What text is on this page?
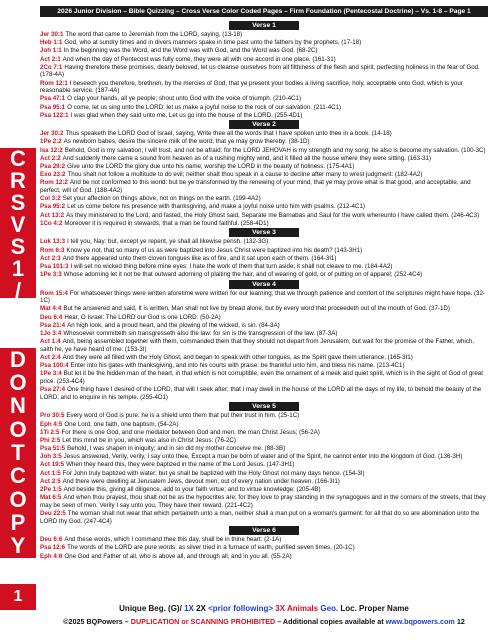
2026 Junior Division – Bible Quizzing – Cross Verse Color Coded Pages – Firm Foundation (Pentecostal Doctrine) – Vs. 1-8 – Page 1
C
R
S
V
S
1
/
8
D
O
N
O
T
C
O
P
Y
1
Verse 1
Jer 30:1 The word that came to Jeremiah from the LORD, saying, (13-18)
Heb 1:1 God, who at sundry times and in divers manners spake in time past unto the fathers by the prophets, (17-18)
Joh 1:1 In the beginning was the Word, and the Word was with God, and the Word was God. (68-2C)
Act 2:1 And when the day of Pentecost was fully come, they were all with one accord in one place. (161-31)
2Co 7:1 Having therefore these promises, dearly beloved, let us cleanse ourselves from all filthiness of the flesh and spirit, perfecting holiness in the fear of God. (178-4A)
Rom 12:1 I beseech you therefore, brethren, by the mercies of God, that ye present your bodies a living sacrifice, holy, acceptable unto God, which is your reasonable service. (187-4A)
Psa 47:1 O clap your hands, all ye people; shout unto God with the voice of triumph. (210-4C1)
Psa 95:1 O come, let us sing unto the LORD: let us make a joyful noise to the rock of our salvation. (211-4C1)
Psa 122:1 I was glad when they said unto me, Let us go into the house of the LORD. (255-4D1)
Verse 2
Jer 30:2 Thus speaketh the LORD God of Israel, saying, Write thee all the words that I have spoken unto thee in a book. (14-18)
1Pe 2:2 As newborn babes, desire the sincere milk of the word, that ye may grow thereby: (38-1D)
Isa 12:2 Behold, God is my salvation; I will trust, and not be afraid: for the LORD JEHOVAH is my strength and my song; he also is become my salvation. (100-3C)
Act 2:2 And suddenly there came a sound from heaven as of a rushing mighty wind, and it filled all the house where they were sitting. (163-31)
Psa 29:2 Give unto the LORD the glory due unto his name; worship the LORD in the beauty of holiness. (175-4A1)
Exo 23:2 Thou shalt not follow a multitude to do evil; neither shalt thou speak in a cause to decline after many to wrest judgment: (182-4A2)
Rom 12:2 And be not conformed to this world: but be ye transformed by the renewing of your mind, that ye may prove what is that good, and acceptable, and perfect, will of God. (188-4A2)
Col 3:2 Set your affection on things above, not on things on the earth. (199-4A2)
Psa 95:2 Let us come before his presence with thanksgiving, and make a joyful noise unto him with psalms. (212-4C1)
Act 13:2 As they ministered to the Lord, and fasted, the Holy Ghost said, Separate me Barnabas and Saul for the work whereunto I have called them. (246-4C3)
1Co 4:2 Moreover it is required in stewards, that a man be found faithful. (258-4D1)
Verse 3
Luk 13:3 I tell you, Nay: but, except ye repent, ye shall all likewise perish. (132-3G)
Rom 6:3 Know ye not, that so many of us as were baptized into Jesus Christ were baptized into his death? (143-3H1)
Act 2:3 And there appeared unto them cloven tongues like as of fire, and it sat upon each of them. (164-3I1)
Psa 101:3 I will set no wicked thing before mine eyes: I hate the work of them that turn aside; it shall not cleave to me. (184-4A2)
1Pe 3:3 Whose adorning let it not be that outward adorning of plaiting the hair, and of wearing of gold, or of putting on of apparel; (252-4C4)
Verse 4
Rom 15:4 For whatsoever things were written aforetime were written for our learning, that we through patience and comfort of the scriptures might have hope. (32-1C)
Mat 4:4 But he answered and said, It is written, Man shall not live by bread alone, but by every word that proceedeth out of the mouth of God. (37-1D)
Deu 6:4 Hear, O Israel: The LORD our God is one LORD: (50-2A)
Psa 21:4 An high look, and a proud heart, and the plowing of the wicked, is sin. (84-3A)
1Jo 3:4 Whosoever committeth sin transgresseth also the law: for sin is the transgression of the law. (87-3A)
Act 1:4 And, being assembled together with them, commanded them that they should not depart from Jerusalem, but wait for the promise of the Father, which, saith he, ye have heard of me. (153-3I)
Act 2:4 And they were all filled with the Holy Ghost, and began to speak with other tongues, as the Spirit gave them utterance. (165-3I1)
Psa 100:4 Enter into his gates with thanksgiving, and into his courts with praise: be thankful unto him, and bless his name. (213-4C1)
1Pe 3:4 But let it be the hidden man of the heart, in that which is not corruptible, even the ornament of a meek and quiet spirit, which is in the sight of God of great price. (253-4C4)
Psa 27:4 One thing have I desired of the LORD, that will I seek after; that I may dwell in the house of the LORD all the days of my life, to behold the beauty of the LORD, and to enquire in his temple. (255-4D1)
Verse 5
Pro 30:5 Every word of God is pure: he is a shield unto them that put their trust in him. (25-1C)
Eph 4:5 One Lord, one faith, one baptism, (54-2A)
1Ti 2:5 For there is one God, and one mediator between God and men, the man Christ Jesus; (56-2A)
Phi 2:5 Let this mind be in you, which was also in Christ Jesus: (76-2C)
Psa 51:5 Behold, I was shapen in iniquity; and in sin did my mother conceive me. (88-3B)
Joh 3:5 Jesus answered, Verily, verily, I say unto thee, Except a man be born of water and of the Spirit, he cannot enter into the kingdom of God. (136-3H)
Act 19:5 When they heard this, they were baptized in the name of the Lord Jesus. (147-3H1)
Act 1:5 For John truly baptized with water; but ye shall be baptized with the Holy Ghost not many days hence. (154-3I)
Act 2:5 And there were dwelling at Jerusalem Jews, devout men, out of every nation under heaven. (166-3I1)
2Pe 1:5 And beside this, giving all diligence, add to your faith virtue; and to virtue knowledge; (205-4B)
Mat 6:5 And when thou prayest, thou shalt not be as the hypocrites are: for they love to pray standing in the synagogues and in the corners of the streets, that they may be seen of men. Verily I say unto you, They have their reward. (221-4C2)
Deu 22:5 The woman shall not wear that which pertaineth unto a man, neither shall a man put on a woman's garment: for all that do so are abomination unto the LORD thy God. (247-4C4)
Verse 6
Deu 6:6 And these words, which I command thee this day, shall be in thine heart: (2-1A)
Psa 12:6 The words of the LORD are pure words: as silver tried in a furnace of earth, purified seven times. (20-1C)
Eph 4:6 One God and Father of all, who is above all, and through all, and in you all. (55-2A)
Unique Beg. (G)/ 1X 2X <prior following> 3X Animals Geo. Loc. Proper Name
©2025 BQPowers – DUPLICATION or SCANNING PROHIBITED – Additional copies available at www.bqpowers.com 12
